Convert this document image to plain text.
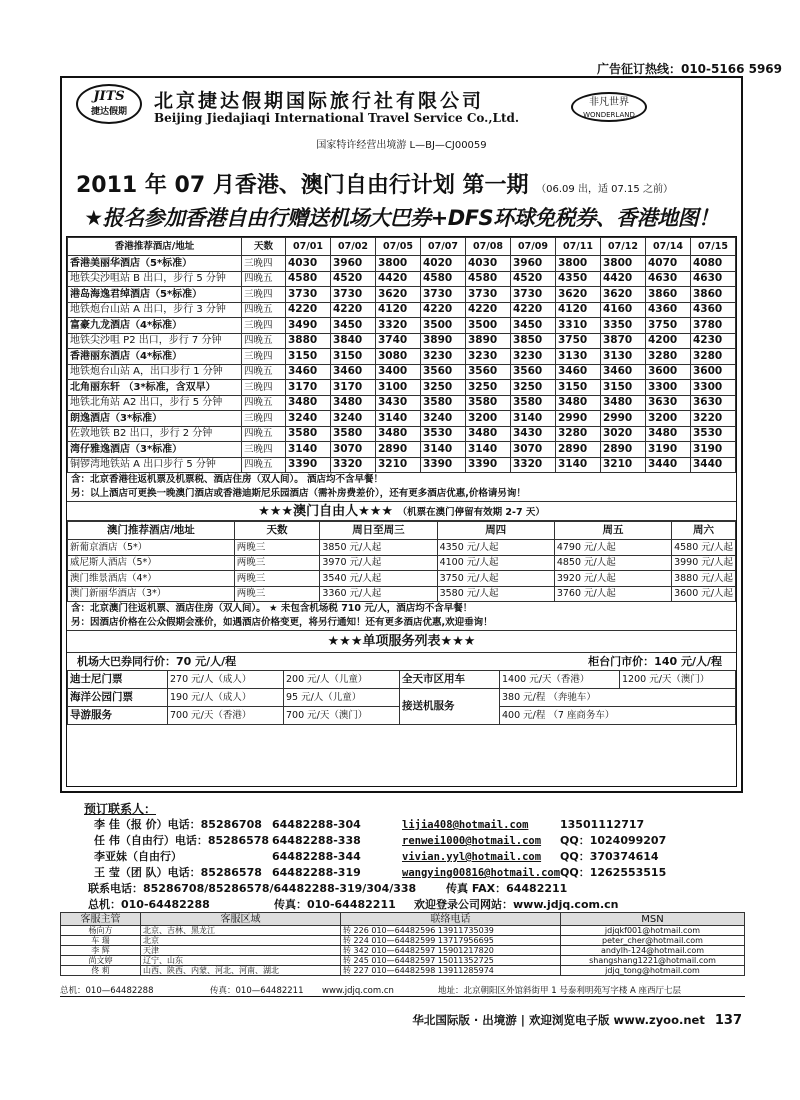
广告征订热线：010-5166 5969
JITS
捷达假期	北京捷达假期国际旅行社有限公司
Beijing Jiedajiaqi International Travel Service Co.,Ltd.
非凡世界
WONDERLAND
国家特许经营出境游 L—BJ—CJ00059
2011 年 07 月香港、澳门自由行计划 第一期 （06.09 出，适 07.15 之前）
★报名参加香港自由行赠送机场大巴券+DFS环球免税券、香港地图！
香港推荐酒店/地址	天数	07/01	07/02	07/05	07/07	07/08	07/09	07/11	07/12	07/14	07/15
香港美丽华酒店（5*标准）	三晚四	4030	3960	3800	4020	4030	3960	3800	3800	4070	4080
地铁尖沙咀站 B 出口，步行 5 分钟	四晚五	4580	4520	4420	4580	4580	4520	4350	4420	4630	4630
港岛海逸君绰酒店（5*标准）	三晚四	3730	3730	3620	3730	3730	3730	3620	3620	3860	3860
地铁炮台山站 A 出口，步行 3 分钟	四晚五	4220	4220	4120	4220	4220	4220	4120	4160	4360	4360
富豪九龙酒店（4*标准）	三晚四	3490	3450	3320	3500	3500	3450	3310	3350	3750	3780
地铁尖沙咀 P2 出口，步行 7 分钟	四晚五	3880	3840	3740	3890	3890	3850	3750	3870	4200	4230
香港丽东酒店（4*标准）	三晚四	3150	3150	3080	3230	3230	3230	3130	3130	3280	3280
地铁炮台山站 A，出口步行 1 分钟	四晚五	3460	3460	3400	3560	3560	3560	3460	3460	3600	3600
北角丽东轩 （3*标准，含双早）	三晚四	3170	3170	3100	3250	3250	3250	3150	3150	3300	3300
地铁北角站 A2 出口，步行 5 分钟	四晚五	3480	3480	3430	3580	3580	3580	3480	3480	3630	3630
朗逸酒店（3*标准）	三晚四	3240	3240	3140	3240	3200	3140	2990	2990	3200	3220
佐敦地铁 B2 出口，步行 2 分钟	四晚五	3580	3580	3480	3530	3480	3430	3280	3020	3480	3530
湾仔雅逸酒店（3*标准）	三晚四	3140	3070	2890	3140	3140	3070	2890	2890	3190	3190
铜锣湾地铁站 A 出口步行 5 分钟	四晚五	3390	3320	3210	3390	3390	3320	3140	3210	3440	3440
含：北京香港往返机票及机票税、酒店住房（双人间）。 酒店均不含早餐！
另：以上酒店可更换一晚澳门酒店或香港迪斯尼乐园酒店（需补房费差价），还有更多酒店优惠,价格请另询！
★★★澳门自由人★★★ （机票在澳门停留有效期 2-7 天）
澳门推荐酒店/地址	天数	周日至周三	周四	周五	周六
新葡京酒店（5*）	两晚三	3850 元/人起	4350 元/人起	4790 元/人起	4580 元/人起
威尼斯人酒店（5*）	两晚三	3970 元/人起	4100 元/人起	4850 元/人起	3990 元/人起
澳门维景酒店（4*）	两晚三	3540 元/人起	3750 元/人起	3920 元/人起	3880 元/人起
澳门新丽华酒店（3*）	两晚三	3360 元/人起	3580 元/人起	3760 元/人起	3600 元/人起
含：北京澳门往返机票、酒店住房（双人间）。 ★ 未包含机场税 710 元/人，酒店均不含早餐！
另：因酒店价格在公众假期会涨价，如遇酒店价格变更，将另行通知！还有更多酒店优惠,欢迎垂询！
★★★单项服务列表★★★
机场大巴券同行价：70 元/人/程	柜台门市价：140 元/人/程
迪士尼门票	270 元/人（成人）	200 元/人（儿童）	全天市区用车	1400 元/天（香港）	1200 元/天（澳门）
海洋公园门票	190 元/人（成人）	95 元/人（儿童）	接送机服务	380 元/程 （奔驰车）	
导游服务	700 元/天（香港）	700 元/天（澳门）		400 元/程 （7 座商务车）	
预订联系人：
李 佳（报 价）电话：85286708 64482288-304	lijia408@hotmail.com	13501112717
任 伟（自由行）电话：85286578 64482288-338	renwei1000@hotmail.com QQ：1024099207
李亚妹（自由行）	64482288-344	vivian.yyl@hotmail.com QQ：370374614
王 莹（团 队）电话：85286578 64482288-319	wangying00816@hotmail.com QQ：1262553515
联系电话：85286708/85286578/64482288-319/304/338	传真 FAX：64482211
总机：010-64482288	传真：010-64482211 欢迎登录公司网站：www.jdjq.com.cn
客服主管	客服区域	联络电话	MSN
杨向方	北京、吉林、黑龙江	转 226 010—64482596 13911735039	jdjqkf001@hotmail.com
车 瑞	北京	转 224 010—64482599 13717956695	peter_cher@hotmail.com
李 辉	天津	转 342 010—64482597 15901217820	andylh-124@hotmail.com
尚文婷	辽宁、山东	转 245 010—64482597 15011352725	shangshang1221@hotmail.com
佟 莉	山西、陕西、内蒙、河北、河南、湖北	转 227 010—64482598 13911285974	jdjq_tong@hotmail.com
总机：010—64482288	传真：010—64482211 www.jdjq.com.cn	地址：北京朝阳区外馆斜街甲 1 号泰利明苑写字楼 A 座西厅七层
华北国际版 · 出境游 | 欢迎浏览电子版 www.zyoo.net 137
